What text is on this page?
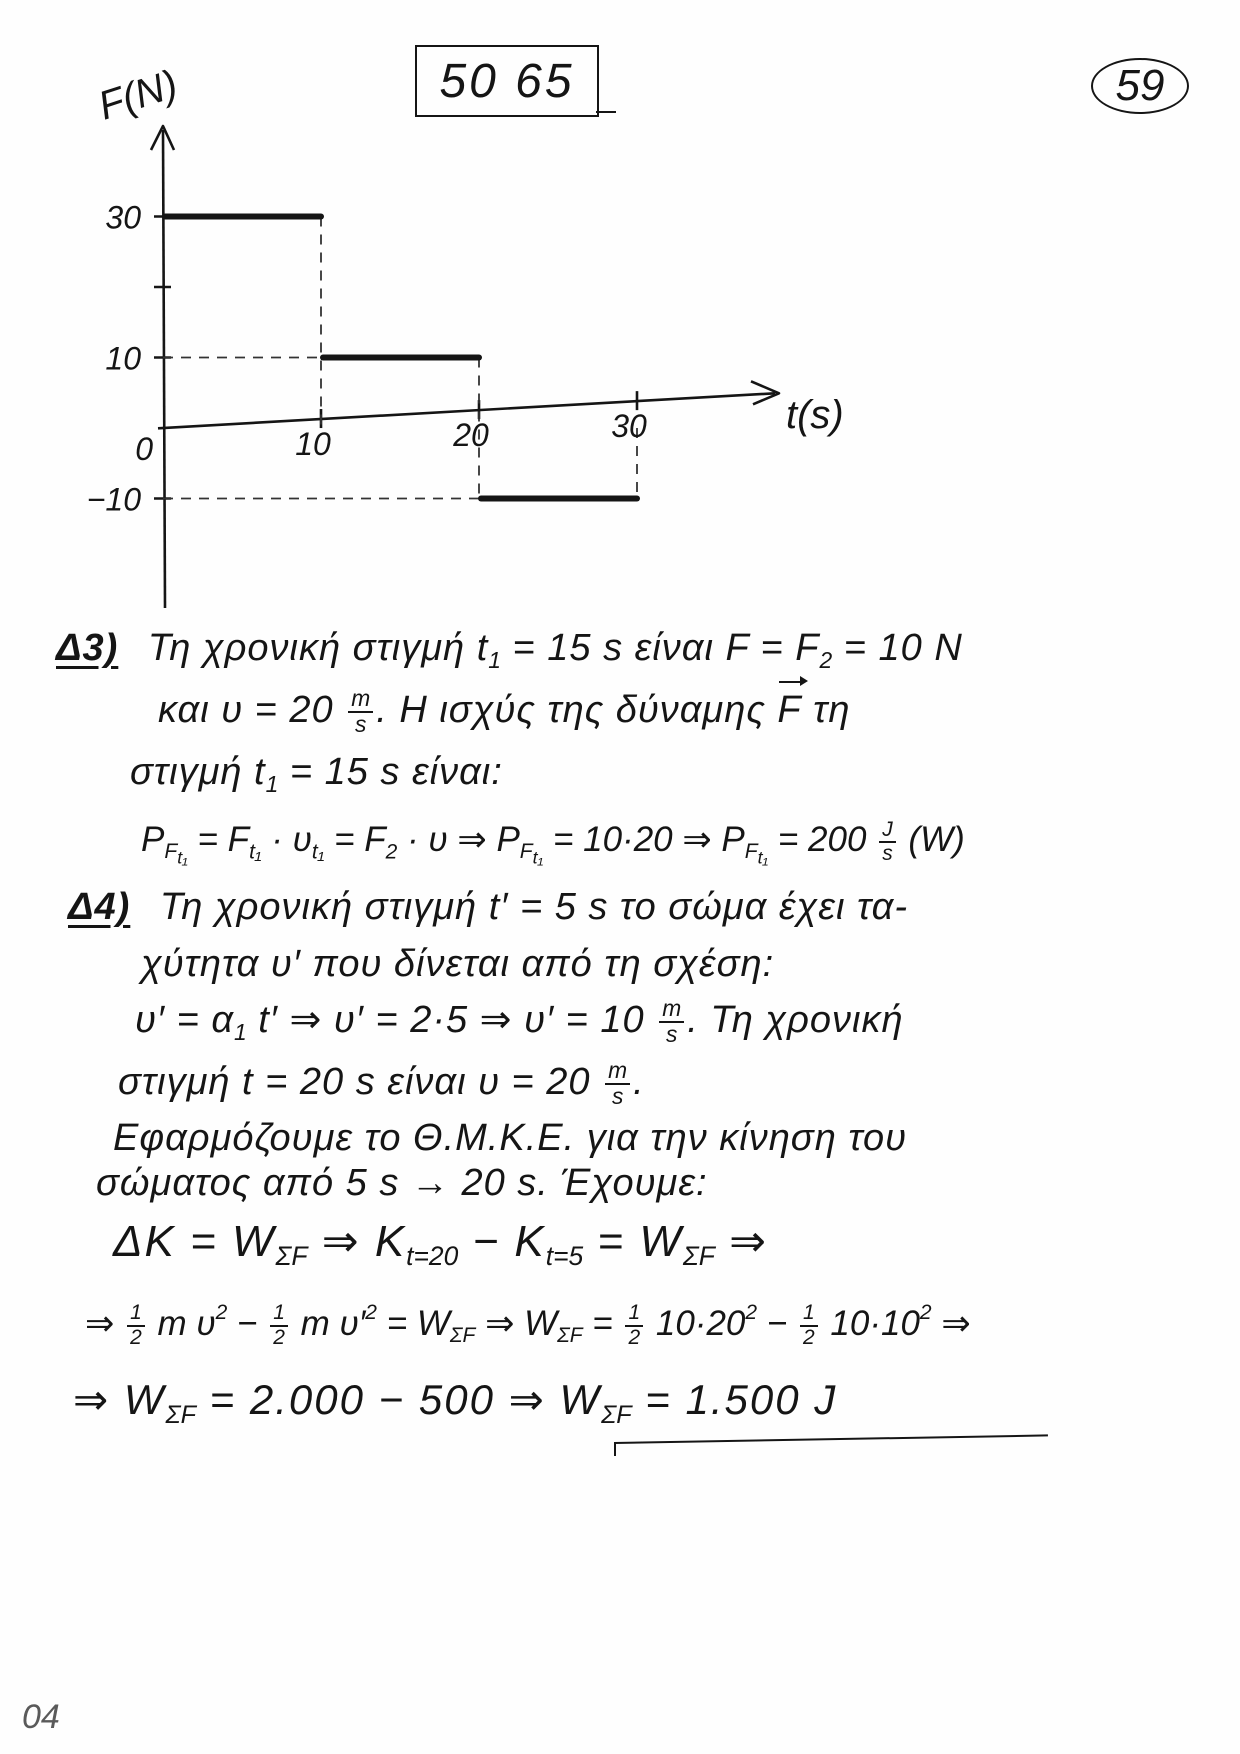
30
10
0
−10
10	20	30
F(N)
t(s)
50 65	59
Δ3) Τη χρονική στιγμή $t_1 = 15$ s είναι $F = F_2 = 10$ N
και $\upsilon = 20 \frac{m}{s}$ . Η ισχύς της δύναμης F τη
στιγμή $t_1 = 15$ s είναι:
$P_{F_{t_1}} = F_{t_1} \cdot \upsilon_{t_1} = F_2 \cdot \upsilon$ ⇒ $P_{F_{t_1}} = 10\cdot 20$ ⇒ $P_{F_{t_1}} = 200 \frac{J}{s} (W)$
Δ4) Τη χρονική στιγμή t′ = 5 s το σώμα έχει τα-
χύτητα υ′ που δίνεται από τη σχέση:
$\upsilon' = \alpha_1$ t′ ⇒ υ′ = 2·5 ⇒ $\upsilon' = 10 \frac{m}{s}$ . Τη χρονική
στιγμή t = 20 s είναι $\upsilon = 20 \frac{m}{s}$ .
Εφαρμόζουμε το Θ.Μ.Κ.Ε. για την κίνηση του
σώματος από 5 s → 20 s. Έχουμε:
$\Delta K = W_{\Sigma F}$ ⇒ $K_{t=20} - K_{t=5} = W_{\Sigma F}$ ⇒
⇒ $\frac{1}{2}$ m $\upsilon^2 - \frac{1}{2}$ m $\upsilon'^2 = W_{\Sigma F}$ ⇒ $W_{\Sigma F} = \frac{1}{2} 10\cdot 20^2 - \frac{1}{2} 10\cdot 10^2$ ⇒
⇒ $W_{\Sigma F} = 2.000 - 500$ ⇒ $W_{\Sigma F} = 1.500$ J
04
